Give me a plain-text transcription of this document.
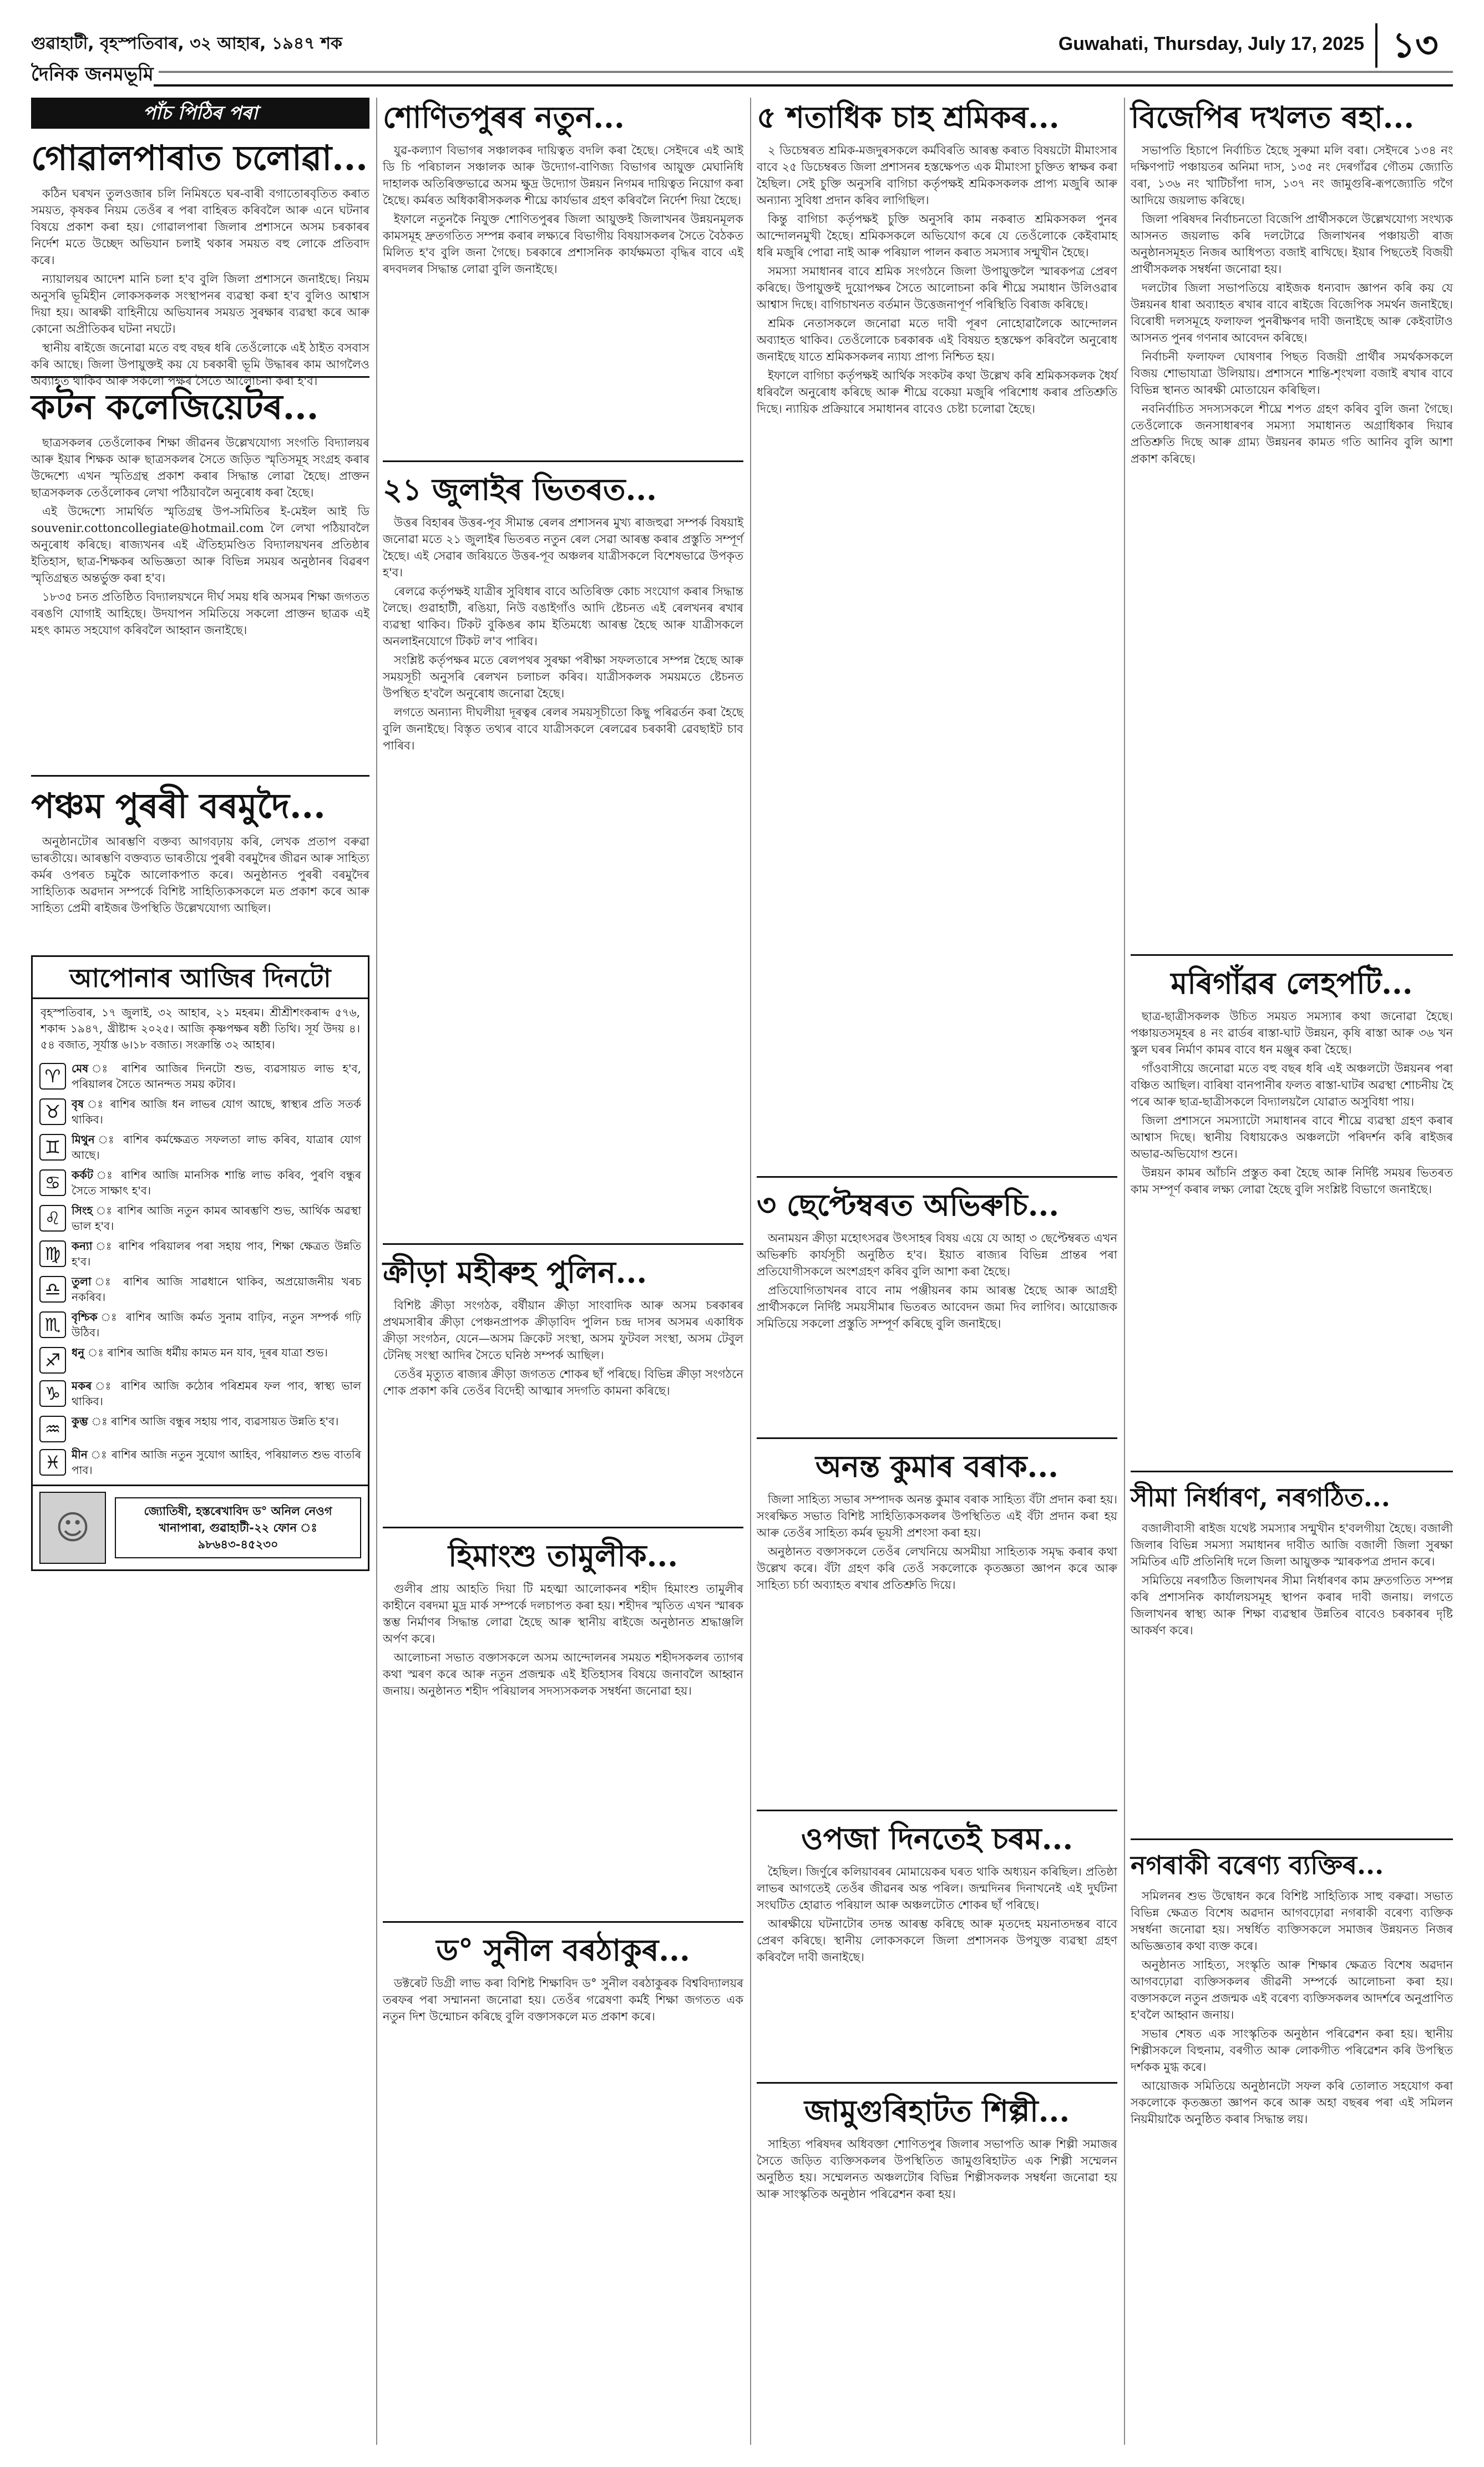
গুৱাহাটী, বৃহস্পতিবাৰ, ৩২ আহাৰ, ১৯৪৭ শক
দৈনিক জনমভূমি
Guwahati, Thursday, July 17, 2025 ১৩
পাঁচ পিঠিৰ পৰা
গোৱালপাৰাত চলোৱা...

কঠিন ঘৰখন তুলওজাৰ চলি নিমিষতে ঘৰ-বাৰী বগাতোৰবৃতিত কৰাত সময়ত, কৃষকৰ নিয়ম তেওঁৰ ৰ পৰা বাহিৰত কৰিবলৈ আৰু এনে ঘটনাৰ বিষয়ে প্ৰকাশ কৰা হয়। গোৱালপাৰা জিলাৰ প্ৰশাসনে অসম চৰকাৰৰ নিৰ্দেশ মতে উচ্ছেদ অভিযান চলাই থকাৰ সময়ত বহু লোকে প্ৰতিবাদ কৰে।

ন্যায়ালয়ৰ আদেশ মানি চলা হ'ব বুলি জিলা প্ৰশাসনে জনাইছে। নিয়ম অনুসৰি ভূমিহীন লোকসকলক সংস্থাপনৰ ব্যৱস্থা কৰা হ'ব বুলিও আশ্বাস দিয়া হয়। আৰক্ষী বাহিনীয়ে অভিযানৰ সময়ত সুৰক্ষাৰ ব্যৱস্থা কৰে আৰু কোনো অপ্ৰীতিকৰ ঘটনা নঘটে।

স্থানীয় ৰাইজে জনোৱা মতে বহু বছৰ ধৰি তেওঁলোকে এই ঠাইত বসবাস কৰি আছে। জিলা উপায়ুক্তই কয় যে চৰকাৰী ভূমি উদ্ধাৰৰ কাম আগলৈও অব্যাহত থাকিব আৰু সকলো পক্ষৰ সৈতে আলোচনা কৰা হ'ব।

কটন কলেজিয়েটৰ...

ছাত্ৰসকলৰ তেওঁলোকৰ শিক্ষা জীৱনৰ উল্লেখযোগ্য সংগতি বিদ্যালয়ৰ আৰু ইয়াৰ শিক্ষক আৰু ছাত্ৰসকলৰ সৈতে জড়িত স্মৃতিসমূহ সংগ্ৰহ কৰাৰ উদ্দেশ্যে এখন স্মৃতিগ্ৰন্থ প্ৰকাশ কৰাৰ সিদ্ধান্ত লোৱা হৈছে। প্ৰাক্তন ছাত্ৰসকলক তেওঁলোকৰ লেখা পঠিয়াবলৈ অনুৰোধ কৰা হৈছে।

এই উদ্দেশ্যে সামৰ্থিত স্মৃতিগ্ৰন্থ উপ-সমিতিৰ ই-মেইল আই ডি souvenir.cottoncollegiate@hotmail.com লৈ লেখা পঠিয়াবলৈ অনুৰোধ কৰিছে। ৰাজ্যখনৰ এই ঐতিহ্যমণ্ডিত বিদ্যালয়খনৰ প্ৰতিষ্ঠাৰ ইতিহাস, ছাত্ৰ-শিক্ষকৰ অভিজ্ঞতা আৰু বিভিন্ন সময়ৰ অনুষ্ঠানৰ বিৱৰণ স্মৃতিগ্ৰন্থত অন্তৰ্ভুক্ত কৰা হ'ব।

১৮৩৫ চনত প্ৰতিষ্ঠিত বিদ্যালয়খনে দীৰ্ঘ সময় ধৰি অসমৰ শিক্ষা জগতত বৰঙণি যোগাই আহিছে। উদযাপন সমিতিয়ে সকলো প্ৰাক্তন ছাত্ৰক এই মহৎ কামত সহযোগ কৰিবলৈ আহ্বান জনাইছে।

পঞ্চম পুৰৰী বৰমুদৈ...

অনুষ্ঠানটোৰ আৰম্ভণি বক্তব্য আগবঢ়ায় কৰি, লেখক প্ৰতাপ বৰুৱা ভাৰতীয়ে। আৰম্ভণি বক্তব্যত ভাৰতীয়ে পুৰৰী বৰমুদৈৰ জীৱন আৰু সাহিত্য কৰ্মৰ ওপৰত চমুকৈ আলোকপাত কৰে। অনুষ্ঠানত পুৰৰী বৰমুদৈৰ সাহিত্যিক অৱদান সম্পৰ্কে বিশিষ্ট সাহিত্যিকসকলে মত প্ৰকাশ কৰে আৰু সাহিত্য প্ৰেমী ৰাইজৰ উপস্থিতি উল্লেখযোগ্য আছিল।

আপোনাৰ আজিৰ দিনটো
বৃহস্পতিবাৰ, ১৭ জুলাই, ৩২ আহাৰ, ২১ মহৰম। শ্ৰীশ্ৰীশংকৰাব্দ ৫৭৬, শকাব্দ ১৯৪৭, খ্ৰীষ্টাব্দ ২০২৫। আজি কৃষ্ণপক্ষৰ ষষ্ঠী তিথি। সূৰ্য উদয় ৪।৫৪ বজাত, সূৰ্যাস্ত ৬।১৮ বজাত। সংক্ৰান্তি ৩২ আহাৰ।
♈ মেষ ঃ ৰাশিৰ আজিৰ দিনটো শুভ, ব্যৱসায়ত লাভ হ'ব, পৰিয়ালৰ সৈতে আনন্দত সময় কটাব।
♉ বৃষ ঃ ৰাশিৰ আজি ধন লাভৰ যোগ আছে, স্বাস্থ্যৰ প্ৰতি সতৰ্ক থাকিব।
♊ মিথুন ঃ ৰাশিৰ কৰ্মক্ষেত্ৰত সফলতা লাভ কৰিব, যাত্ৰাৰ যোগ আছে।
♋ কৰ্কট ঃ ৰাশিৰ আজি মানসিক শান্তি লাভ কৰিব, পুৰণি বন্ধুৰ সৈতে সাক্ষাৎ হ'ব।
♌ সিংহ ঃ ৰাশিৰ আজি নতুন কামৰ আৰম্ভণি শুভ, আৰ্থিক অৱস্থা ভাল হ'ব।
♍ কন্যা ঃ ৰাশিৰ পৰিয়ালৰ পৰা সহায় পাব, শিক্ষা ক্ষেত্ৰত উন্নতি হ'ব।
♎ তুলা ঃ ৰাশিৰ আজি সাৱধানে থাকিব, অপ্ৰয়োজনীয় খৰচ নকৰিব।
♏ বৃশ্চিক ঃ ৰাশিৰ আজি কৰ্মত সুনাম বাঢ়িব, নতুন সম্পৰ্ক গঢ়ি উঠিব।
♐ ধনু ঃ ৰাশিৰ আজি ধৰ্মীয় কামত মন যাব, দূৰৰ যাত্ৰা শুভ।
♑ মকৰ ঃ ৰাশিৰ আজি কঠোৰ পৰিশ্ৰমৰ ফল পাব, স্বাস্থ্য ভাল থাকিব।
♒ কুম্ভ ঃ ৰাশিৰ আজি বন্ধুৰ সহায় পাব, ব্যৱসায়ত উন্নতি হ'ব।
♓ মীন ঃ ৰাশিৰ আজি নতুন সুযোগ আহিব, পৰিয়ালত শুভ বাতৰি পাব।
☺	জ্যোতিষী, হস্তৰেখাবিদ ড° অনিল নেওগ খানাপাৰা, গুৱাহাটী-২২ ফোন ঃ ৯৮৬৪৩-৪৫২৩০
শোণিতপুৰৰ নতুন...

যুৱ-কল্যাণ বিভাগৰ সঞ্চালকৰ দায়িত্বত বদলি কৰা হৈছে। সেইদৰে এই আই ডি চি পৰিচালন সঞ্চালক আৰু উদ্যোগ-বাণিজ্য বিভাগৰ আয়ুক্ত মেঘানিধি দাহালক অতিৰিক্তভাৱে অসম ক্ষুদ্ৰ উদ্যোগ উন্নয়ন নিগমৰ দায়িত্বত নিয়োগ কৰা হৈছে। কৰ্মৰত অধিকাৰীসকলক শীঘ্ৰে কাৰ্যভাৰ গ্ৰহণ কৰিবলৈ নিৰ্দেশ দিয়া হৈছে।

ইফালে নতুনকৈ নিযুক্ত শোণিতপুৰৰ জিলা আয়ুক্তই জিলাখনৰ উন্নয়নমূলক কামসমূহ দ্ৰুতগতিত সম্পন্ন কৰাৰ লক্ষ্যৰে বিভাগীয় বিষয়াসকলৰ সৈতে বৈঠকত মিলিত হ'ব বুলি জনা গৈছে। চৰকাৰে প্ৰশাসনিক কাৰ্যক্ষমতা বৃদ্ধিৰ বাবে এই ৰদবদলৰ সিদ্ধান্ত লোৱা বুলি জনাইছে।

২১ জুলাইৰ ভিতৰত...

উত্তৰ বিহাৰৰ উত্তৰ-পূব সীমান্ত ৰেলৰ প্ৰশাসনৰ মুখ্য ৰাজহুৱা সম্পৰ্ক বিষয়াই জনোৱা মতে ২১ জুলাইৰ ভিতৰত নতুন ৰেল সেৱা আৰম্ভ কৰাৰ প্ৰস্তুতি সম্পূৰ্ণ হৈছে। এই সেৱাৰ জৰিয়তে উত্তৰ-পূব অঞ্চলৰ যাত্ৰীসকলে বিশেষভাৱে উপকৃত হ'ব।

ৰেলৱে কৰ্তৃপক্ষই যাত্ৰীৰ সুবিধাৰ বাবে অতিৰিক্ত কোচ সংযোগ কৰাৰ সিদ্ধান্ত লৈছে। গুৱাহাটী, ৰঙিয়া, নিউ বঙাইগাঁও আদি ষ্টেচনত এই ৰেলখনৰ ৰখাৰ ব্যৱস্থা থাকিব। টিকট বুকিঙৰ কাম ইতিমধ্যে আৰম্ভ হৈছে আৰু যাত্ৰীসকলে অনলাইনযোগে টিকট ল'ব পাৰিব।

সংশ্লিষ্ট কৰ্তৃপক্ষৰ মতে ৰেলপথৰ সুৰক্ষা পৰীক্ষা সফলতাৰে সম্পন্ন হৈছে আৰু সময়সূচী অনুসৰি ৰেলখন চলাচল কৰিব। যাত্ৰীসকলক সময়মতে ষ্টেচনত উপস্থিত হ'বলৈ অনুৰোধ জনোৱা হৈছে।

লগতে অন্যান্য দীঘলীয়া দূৰত্বৰ ৰেলৰ সময়সূচীতো কিছু পৰিৱৰ্তন কৰা হৈছে বুলি জনাইছে। বিস্তৃত তথ্যৰ বাবে যাত্ৰীসকলে ৰেলৱেৰ চৰকাৰী ৱেবছাইট চাব পাৰিব।

ক্ৰীড়া মহীৰুহ পুলিন...

বিশিষ্ট ক্ৰীড়া সংগঠক, বৰ্ষীয়ান ক্ৰীড়া সাংবাদিক আৰু অসম চৰকাৰৰ প্ৰথমসাৰীৰ ক্ৰীড়া পেঞ্চনপ্ৰাপক ক্ৰীড়াবিদ পুলিন চন্দ্ৰ দাসৰ অসমৰ একাধিক ক্ৰীড়া সংগঠন, যেনে—অসম ক্ৰিকেট সংস্থা, অসম ফুটবল সংস্থা, অসম টেবুল টেনিছ সংস্থা আদিৰ সৈতে ঘনিষ্ঠ সম্পৰ্ক আছিল।

তেওঁৰ মৃত্যুত ৰাজ্যৰ ক্ৰীড়া জগতত শোকৰ ছাঁ পৰিছে। বিভিন্ন ক্ৰীড়া সংগঠনে শোক প্ৰকাশ কৰি তেওঁৰ বিদেহী আত্মাৰ সদগতি কামনা কৰিছে।

হিমাংশু তামুলীক...

গুলীৰ প্ৰায় আহতি দিয়া টি মহত্মা আলোকনৰ শহীদ হিমাংশু তামুলীৰ কাহীনে বৰদমা মুদ্ৰ মাৰ্ক সম্পৰ্কে দলচাপত কৰা হয়। শহীদৰ স্মৃতিত এখন স্মাৰক স্তম্ভ নিৰ্মাণৰ সিদ্ধান্ত লোৱা হৈছে আৰু স্থানীয় ৰাইজে অনুষ্ঠানত শ্ৰদ্ধাঞ্জলি অৰ্পণ কৰে।

আলোচনা সভাত বক্তাসকলে অসম আন্দোলনৰ সময়ত শহীদসকলৰ ত্যাগৰ কথা স্মৰণ কৰে আৰু নতুন প্ৰজন্মক এই ইতিহাসৰ বিষয়ে জনাবলৈ আহ্বান জনায়। অনুষ্ঠানত শহীদ পৰিয়ালৰ সদস্যসকলক সম্বৰ্ধনা জনোৱা হয়।

ড° সুনীল বৰঠাকুৰ...

ডক্টৰেট ডিগ্ৰী লাভ কৰা বিশিষ্ট শিক্ষাবিদ ড° সুনীল বৰঠাকুৰক বিশ্ববিদ্যালয়ৰ তৰফৰ পৰা সম্মাননা জনোৱা হয়। তেওঁৰ গৱেষণা কৰ্মই শিক্ষা জগতত এক নতুন দিশ উন্মোচন কৰিছে বুলি বক্তাসকলে মত প্ৰকাশ কৰে।

৫ শতাধিক চাহ শ্ৰমিকৰ...

২ ডিচেম্বৰত শ্ৰমিক-মজদুৰসকলে কৰ্মবিৰতি আৰম্ভ কৰাত বিষয়টো মীমাংসাৰ বাবে ২৫ ডিচেম্বৰত জিলা প্ৰশাসনৰ হস্তক্ষেপত এক মীমাংসা চুক্তিত স্বাক্ষৰ কৰা হৈছিল। সেই চুক্তি অনুসৰি বাগিচা কৰ্তৃপক্ষই শ্ৰমিকসকলক প্ৰাপ্য মজুৰি আৰু অন্যান্য সুবিধা প্ৰদান কৰিব লাগিছিল।

কিন্তু বাগিচা কৰ্তৃপক্ষই চুক্তি অনুসৰি কাম নকৰাত শ্ৰমিকসকল পুনৰ আন্দোলনমুখী হৈছে। শ্ৰমিকসকলে অভিযোগ কৰে যে তেওঁলোকে কেইবামাহ ধৰি মজুৰি পোৱা নাই আৰু পৰিয়াল পালন কৰাত সমস্যাৰ সন্মুখীন হৈছে।

সমস্যা সমাধানৰ বাবে শ্ৰমিক সংগঠনে জিলা উপায়ুক্তলৈ স্মাৰকপত্ৰ প্ৰেৰণ কৰিছে। উপায়ুক্তই দুয়োপক্ষৰ সৈতে আলোচনা কৰি শীঘ্ৰে সমাধান উলিওৱাৰ আশ্বাস দিছে। বাগিচাখনত বৰ্তমান উত্তেজনাপূৰ্ণ পৰিস্থিতি বিৰাজ কৰিছে।

শ্ৰমিক নেতাসকলে জনোৱা মতে দাবী পূৰণ নোহোৱালৈকে আন্দোলন অব্যাহত থাকিব। তেওঁলোকে চৰকাৰক এই বিষয়ত হস্তক্ষেপ কৰিবলৈ অনুৰোধ জনাইছে যাতে শ্ৰমিকসকলৰ ন্যায্য প্ৰাপ্য নিশ্চিত হয়।

ইফালে বাগিচা কৰ্তৃপক্ষই আৰ্থিক সংকটৰ কথা উল্লেখ কৰি শ্ৰমিকসকলক ধৈৰ্য ধৰিবলৈ অনুৰোধ কৰিছে আৰু শীঘ্ৰে বকেয়া মজুৰি পৰিশোধ কৰাৰ প্ৰতিশ্ৰুতি দিছে। ন্যায়িক প্ৰক্ৰিয়াৰে সমাধানৰ বাবেও চেষ্টা চলোৱা হৈছে।

৩ ছেপ্টেম্বৰত অভিৰুচি...

অনাময়ন ক্ৰীড়া মহোৎসৱৰ উৎসাহৰ বিষয় এয়ে যে আহা ৩ ছেপ্টেম্বৰত এখন অভিৰুচি কাৰ্যসূচী অনুষ্ঠিত হ'ব। ইয়াত ৰাজ্যৰ বিভিন্ন প্ৰান্তৰ পৰা প্ৰতিযোগীসকলে অংশগ্ৰহণ কৰিব বুলি আশা কৰা হৈছে।

প্ৰতিযোগিতাখনৰ বাবে নাম পঞ্জীয়নৰ কাম আৰম্ভ হৈছে আৰু আগ্ৰহী প্ৰাৰ্থীসকলে নিৰ্দিষ্ট সময়সীমাৰ ভিতৰত আবেদন জমা দিব লাগিব। আয়োজক সমিতিয়ে সকলো প্ৰস্তুতি সম্পূৰ্ণ কৰিছে বুলি জনাইছে।

অনন্ত কুমাৰ বৰাক...

জিলা সাহিত্য সভাৰ সম্পাদক অনন্ত কুমাৰ বৰাক সাহিত্য বঁটা প্ৰদান কৰা হয়। সংৰক্ষিত সভাত বিশিষ্ট সাহিত্যিকসকলৰ উপস্থিতিত এই বঁটা প্ৰদান কৰা হয় আৰু তেওঁৰ সাহিত্য কৰ্মৰ ভূয়সী প্ৰশংসা কৰা হয়।

অনুষ্ঠানত বক্তাসকলে তেওঁৰ লেখনিয়ে অসমীয়া সাহিত্যক সমৃদ্ধ কৰাৰ কথা উল্লেখ কৰে। বঁটা গ্ৰহণ কৰি তেওঁ সকলোকে কৃতজ্ঞতা জ্ঞাপন কৰে আৰু সাহিত্য চৰ্চা অব্যাহত ৰখাৰ প্ৰতিশ্ৰুতি দিয়ে।

ওপজা দিনতেই চৰম...

হৈছিল। জিৰ্ণুৰে কলিয়াবৰৰ মোমায়েকৰ ঘৰত থাকি অধ্যয়ন কৰিছিল। প্ৰতিষ্ঠা লাভৰ আগতেই তেওঁৰ জীৱনৰ অন্ত পৰিল। জন্মদিনৰ দিনাখনেই এই দুৰ্ঘটনা সংঘটিত হোৱাত পৰিয়াল আৰু অঞ্চলটোত শোকৰ ছাঁ পৰিছে।

আৰক্ষীয়ে ঘটনাটোৰ তদন্ত আৰম্ভ কৰিছে আৰু মৃতদেহ ময়নাতদন্তৰ বাবে প্ৰেৰণ কৰিছে। স্থানীয় লোকসকলে জিলা প্ৰশাসনক উপযুক্ত ব্যৱস্থা গ্ৰহণ কৰিবলৈ দাবী জনাইছে।

জামুগুৰিহাটত শিল্পী...

সাহিত্য পৰিষদৰ অধিবক্তা শোণিতপুৰ জিলাৰ সভাপতি আৰু শিল্পী সমাজৰ সৈতে জড়িত ব্যক্তিসকলৰ উপস্থিতিত জামুগুৰিহাটত এক শিল্পী সম্মেলন অনুষ্ঠিত হয়। সম্মেলনত অঞ্চলটোৰ বিভিন্ন শিল্পীসকলক সম্বৰ্ধনা জনোৱা হয় আৰু সাংস্কৃতিক অনুষ্ঠান পৰিৱেশন কৰা হয়।

বিজেপিৰ দখলত ৰহা...

সভাপতি হিচাপে নিৰ্বাচিত হৈছে সুৰুমা মলি বৰা। সেইদৰে ১৩৪ নং দক্ষিণপাট পঞ্চায়তৰ অনিমা দাস, ১৩৫ নং দেৰগাঁৱৰ গৌতম জ্যোতি বৰা, ১৩৬ নং খাটিচাঁপা দাস, ১৩৭ নং জামুগুৰি-ৰূপজ্যোতি গগৈ আদিয়ে জয়লাভ কৰিছে।

জিলা পৰিষদৰ নিৰ্বাচনতো বিজেপি প্ৰাৰ্থীসকলে উল্লেখযোগ্য সংখ্যক আসনত জয়লাভ কৰি দলটোৱে জিলাখনৰ পঞ্চায়তী ৰাজ অনুষ্ঠানসমূহত নিজৰ আধিপত্য বজাই ৰাখিছে। ইয়াৰ পিছতেই বিজয়ী প্ৰাৰ্থীসকলক সম্বৰ্ধনা জনোৱা হয়।

দলটোৰ জিলা সভাপতিয়ে ৰাইজক ধন্যবাদ জ্ঞাপন কৰি কয় যে উন্নয়নৰ ধাৰা অব্যাহত ৰখাৰ বাবে ৰাইজে বিজেপিক সমৰ্থন জনাইছে। বিৰোধী দলসমূহে ফলাফল পুনৰীক্ষণৰ দাবী জনাইছে আৰু কেইবাটাও আসনত পুনৰ গণনাৰ আবেদন কৰিছে।

নিৰ্বাচনী ফলাফল ঘোষণাৰ পিছত বিজয়ী প্ৰাৰ্থীৰ সমৰ্থকসকলে বিজয় শোভাযাত্ৰা উলিয়ায়। প্ৰশাসনে শান্তি-শৃংখলা বজাই ৰখাৰ বাবে বিভিন্ন স্থানত আৰক্ষী মোতায়েন কৰিছিল।

নবনিৰ্বাচিত সদস্যসকলে শীঘ্ৰে শপত গ্ৰহণ কৰিব বুলি জনা গৈছে। তেওঁলোকে জনসাধাৰণৰ সমস্যা সমাধানত অগ্ৰাধিকাৰ দিয়াৰ প্ৰতিশ্ৰুতি দিছে আৰু গ্ৰাম্য উন্নয়নৰ কামত গতি আনিব বুলি আশা প্ৰকাশ কৰিছে।

মৰিগাঁৱৰ লেহপটি...

ছাত্ৰ-ছাত্ৰীসকলক উচিত সময়ত সমস্যাৰ কথা জনোৱা হৈছে। পঞ্চায়তসমূহৰ ৪ নং ৱাৰ্ডৰ ৰাস্তা-ঘাট উন্নয়ন, কৃষি ৰাস্তা আৰু ৩৬ খন স্কুল ঘৰৰ নিৰ্মাণ কামৰ বাবে ধন মঞ্জুৰ কৰা হৈছে।

গাঁওবাসীয়ে জনোৱা মতে বহু বছৰ ধৰি এই অঞ্চলটো উন্নয়নৰ পৰা বঞ্চিত আছিল। বাৰিষা বানপানীৰ ফলত ৰাস্তা-ঘাটৰ অৱস্থা শোচনীয় হৈ পৰে আৰু ছাত্ৰ-ছাত্ৰীসকলে বিদ্যালয়লৈ যোৱাত অসুবিধা পায়।

জিলা প্ৰশাসনে সমস্যাটো সমাধানৰ বাবে শীঘ্ৰে ব্যৱস্থা গ্ৰহণ কৰাৰ আশ্বাস দিছে। স্থানীয় বিধায়কেও অঞ্চলটো পৰিদৰ্শন কৰি ৰাইজৰ অভাৱ-অভিযোগ শুনে।

উন্নয়ন কামৰ আঁচনি প্ৰস্তুত কৰা হৈছে আৰু নিৰ্দিষ্ট সময়ৰ ভিতৰত কাম সম্পূৰ্ণ কৰাৰ লক্ষ্য লোৱা হৈছে বুলি সংশ্লিষ্ট বিভাগে জনাইছে।

সীমা নিৰ্ধাৰণ, নৰগঠিত...

বজালীবাসী ৰাইজ যথেষ্ট সমস্যাৰ সন্মুখীন হ'বলগীয়া হৈছে। বজালী জিলাৰ বিভিন্ন সমস্যা সমাধানৰ দাবীত আজি বজালী জিলা সুৰক্ষা সমিতিৰ এটি প্ৰতিনিধি দলে জিলা আয়ুক্তক স্মাৰকপত্ৰ প্ৰদান কৰে।

সমিতিয়ে নৰগঠিত জিলাখনৰ সীমা নিৰ্ধাৰণৰ কাম দ্ৰুতগতিত সম্পন্ন কৰি প্ৰশাসনিক কাৰ্যালয়সমূহ স্থাপন কৰাৰ দাবী জনায়। লগতে জিলাখনৰ স্বাস্থ্য আৰু শিক্ষা ব্যৱস্থাৰ উন্নতিৰ বাবেও চৰকাৰৰ দৃষ্টি আকৰ্ষণ কৰে।

নগৰাকী বৰেণ্য ব্যক্তিৰ...

সমিলনৰ শুভ উদ্বোধন কৰে বিশিষ্ট সাহিত্যিক সাহু বৰুৱা। সভাত বিভিন্ন ক্ষেত্ৰত বিশেষ অৱদান আগবঢ়োৱা নগৰাকী বৰেণ্য ব্যক্তিক সম্বৰ্ধনা জনোৱা হয়। সম্বৰ্ধিত ব্যক্তিসকলে সমাজৰ উন্নয়নত নিজৰ অভিজ্ঞতাৰ কথা ব্যক্ত কৰে।

অনুষ্ঠানত সাহিত্য, সংস্কৃতি আৰু শিক্ষাৰ ক্ষেত্ৰত বিশেষ অৱদান আগবঢ়োৱা ব্যক্তিসকলৰ জীৱনী সম্পৰ্কে আলোচনা কৰা হয়। বক্তাসকলে নতুন প্ৰজন্মক এই বৰেণ্য ব্যক্তিসকলৰ আদৰ্শৰে অনুপ্ৰাণিত হ'বলৈ আহ্বান জনায়।

সভাৰ শেষত এক সাংস্কৃতিক অনুষ্ঠান পৰিৱেশন কৰা হয়। স্থানীয় শিল্পীসকলে বিহুনাম, বৰগীত আৰু লোকগীত পৰিৱেশন কৰি উপস্থিত দৰ্শকক মুগ্ধ কৰে।

আয়োজক সমিতিয়ে অনুষ্ঠানটো সফল কৰি তোলাত সহযোগ কৰা সকলোকে কৃতজ্ঞতা জ্ঞাপন কৰে আৰু অহা বছৰৰ পৰা এই সমিলন নিয়মীয়াকৈ অনুষ্ঠিত কৰাৰ সিদ্ধান্ত লয়।
